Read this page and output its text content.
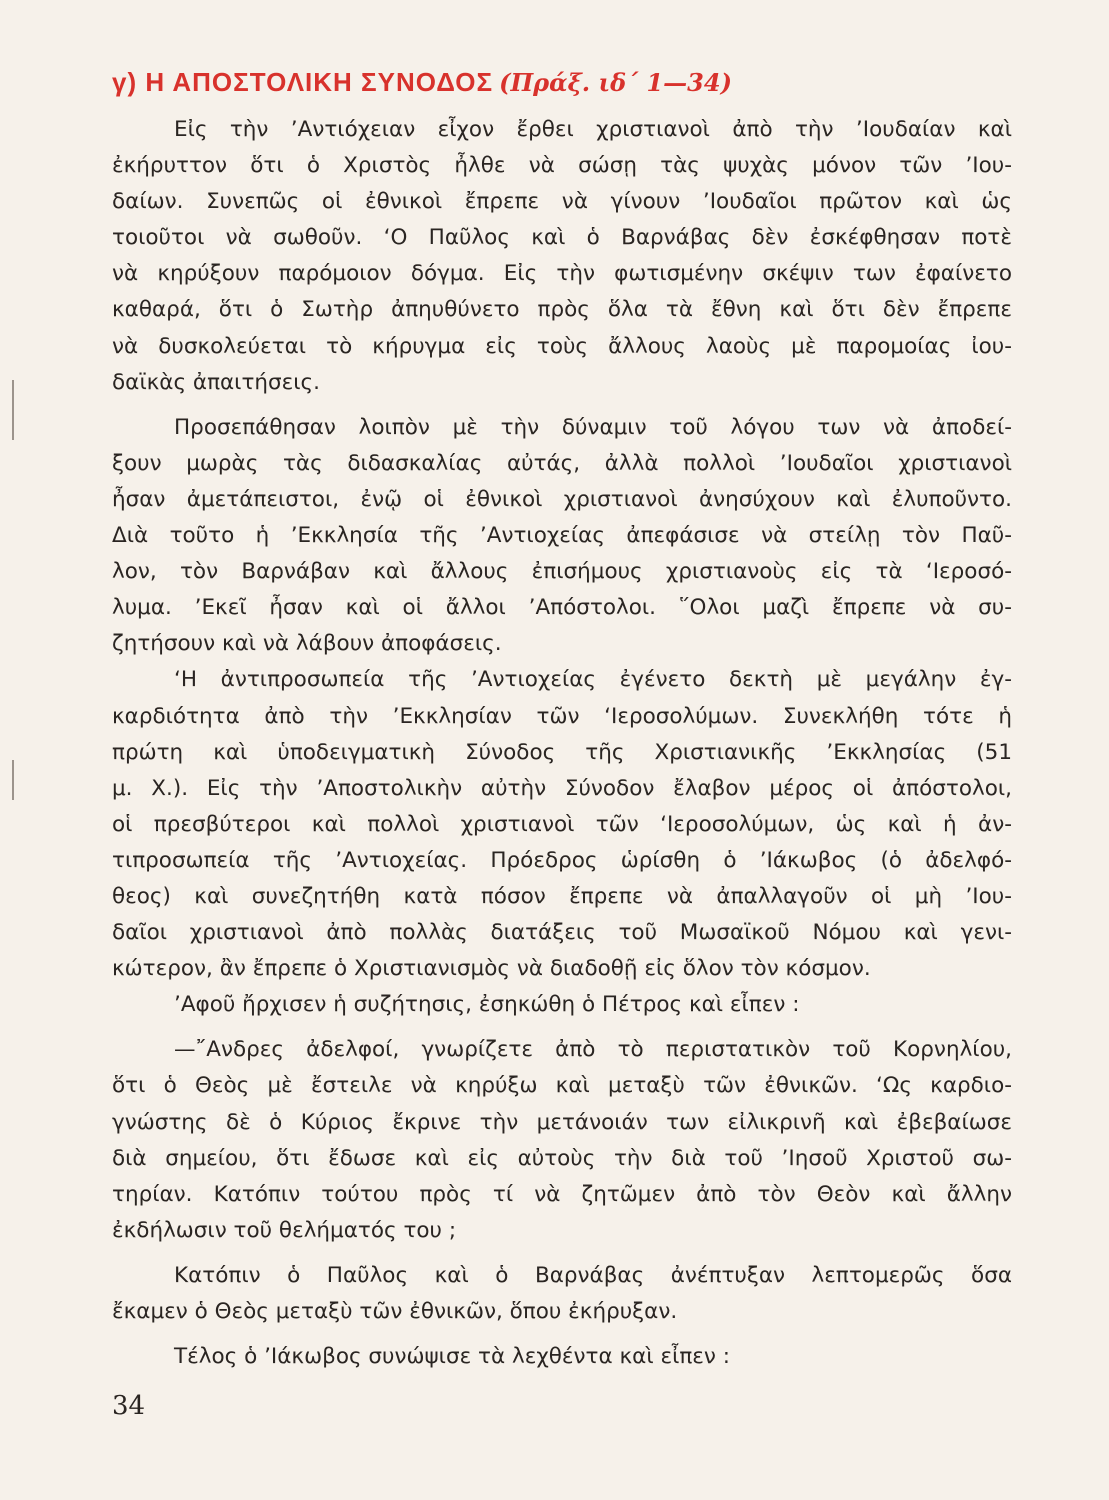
γ) Η ΑΠΟΣΤΟΛΙΚΗ ΣΥΝΟΔΟΣ (Πράξ. ιδ΄ 1—34)
Εἰς τὴν ’Αντιόχειαν εἶχον ἔρθει χριστιανοὶ ἀπὸ τὴν ’Ιουδαίαν καὶ
ἐκήρυττον ὅτι ὁ Χριστὸς ἦλθε νὰ σώσῃ τὰς ψυχὰς μόνον τῶν ’Ιου-
δαίων. Συνεπῶς οἱ ἐθνικοὶ ἔπρεπε νὰ γίνουν ’Ιουδαῖοι πρῶτον καὶ ὡς
τοιοῦτοι νὰ σωθοῦν. ‘Ο Παῦλος καὶ ὁ Βαρνάβας δὲν ἐσκέφθησαν ποτὲ
νὰ κηρύξουν παρόμοιον δόγμα. Εἰς τὴν φωτισμένην σκέψιν των ἐφαίνετο
καθαρά, ὅτι ὁ Σωτὴρ ἀπηυθύνετο πρὸς ὅλα τὰ ἔθνη καὶ ὅτι δὲν ἔπρεπε
νὰ δυσκολεύεται τὸ κήρυγμα εἰς τοὺς ἄλλους λαοὺς μὲ παρομοίας ἰου-
δαϊκὰς ἀπαιτήσεις.
Προσεπάθησαν λοιπὸν μὲ τὴν δύναμιν τοῦ λόγου των νὰ ἀποδεί-
ξουν μωρὰς τὰς διδασκαλίας αὐτάς, ἀλλὰ πολλοὶ ’Ιουδαῖοι χριστιανοὶ
ἦσαν ἀμετάπειστοι, ἐνῷ οἱ ἐθνικοὶ χριστιανοὶ ἀνησύχουν καὶ ἐλυποῦντο.
Διὰ τοῦτο ἡ ’Εκκλησία τῆς ’Αντιοχείας ἀπεφάσισε νὰ στείλῃ τὸν Παῦ-
λον, τὸν Βαρνάβαν καὶ ἄλλους ἐπισήμους χριστιανοὺς εἰς τὰ ‘Ιεροσό-
λυμα. ’Εκεῖ ἦσαν καὶ οἱ ἄλλοι ’Απόστολοι. ῞Ολοι μαζὶ ἔπρεπε νὰ συ-
ζητήσουν καὶ νὰ λάβουν ἀποφάσεις.
‘Η ἀντιπροσωπεία τῆς ’Αντιοχείας ἐγένετο δεκτὴ μὲ μεγάλην ἐγ-
καρδιότητα ἀπὸ τὴν ’Εκκλησίαν τῶν ‘Ιεροσολύμων. Συνεκλήθη τότε ἡ
πρώτη καὶ ὑποδειγματικὴ Σύνοδος τῆς Χριστιανικῆς ’Εκκλησίας (51
μ. Χ.). Εἰς τὴν ’Αποστολικὴν αὐτὴν Σύνοδον ἔλαβον μέρος οἱ ἀπόστολοι,
οἱ πρεσβύτεροι καὶ πολλοὶ χριστιανοὶ τῶν ‘Ιεροσολύμων, ὡς καὶ ἡ ἀν-
τιπροσωπεία τῆς ’Αντιοχείας. Πρόεδρος ὡρίσθη ὁ ’Ιάκωβος (ὁ ἀδελφό-
θεος) καὶ συνεζητήθη κατὰ πόσον ἔπρεπε νὰ ἀπαλλαγοῦν οἱ μὴ ’Ιου-
δαῖοι χριστιανοὶ ἀπὸ πολλὰς διατάξεις τοῦ Μωσαϊκοῦ Νόμου καὶ γενι-
κώτερον, ἂν ἔπρεπε ὁ Χριστιανισμὸς νὰ διαδοθῇ εἰς ὅλον τὸν κόσμον.
’Αφοῦ ἤρχισεν ἡ συζήτησις, ἐσηκώθη ὁ Πέτρος καὶ εἶπεν :
—῎Ανδρες ἀδελφοί, γνωρίζετε ἀπὸ τὸ περιστατικὸν τοῦ Κορνηλίου,
ὅτι ὁ Θεὸς μὲ ἔστειλε νὰ κηρύξω καὶ μεταξὺ τῶν ἐθνικῶν. ‘Ως καρδιο-
γνώστης δὲ ὁ Κύριος ἔκρινε τὴν μετάνοιάν των εἰλικρινῆ καὶ ἐβεβαίωσε
διὰ σημείου, ὅτι ἔδωσε καὶ εἰς αὐτοὺς τὴν διὰ τοῦ ’Ιησοῦ Χριστοῦ σω-
τηρίαν. Κατόπιν τούτου πρὸς τί νὰ ζητῶμεν ἀπὸ τὸν Θεὸν καὶ ἄλλην
ἐκδήλωσιν τοῦ θελήματός του ;
Κατόπιν ὁ Παῦλος καὶ ὁ Βαρνάβας ἀνέπτυξαν λεπτομερῶς ὅσα
ἔκαμεν ὁ Θεὸς μεταξὺ τῶν ἐθνικῶν, ὅπου ἐκήρυξαν.
Τέλος ὁ ’Ιάκωβος συνώψισε τὰ λεχθέντα καὶ εἶπεν :
34
